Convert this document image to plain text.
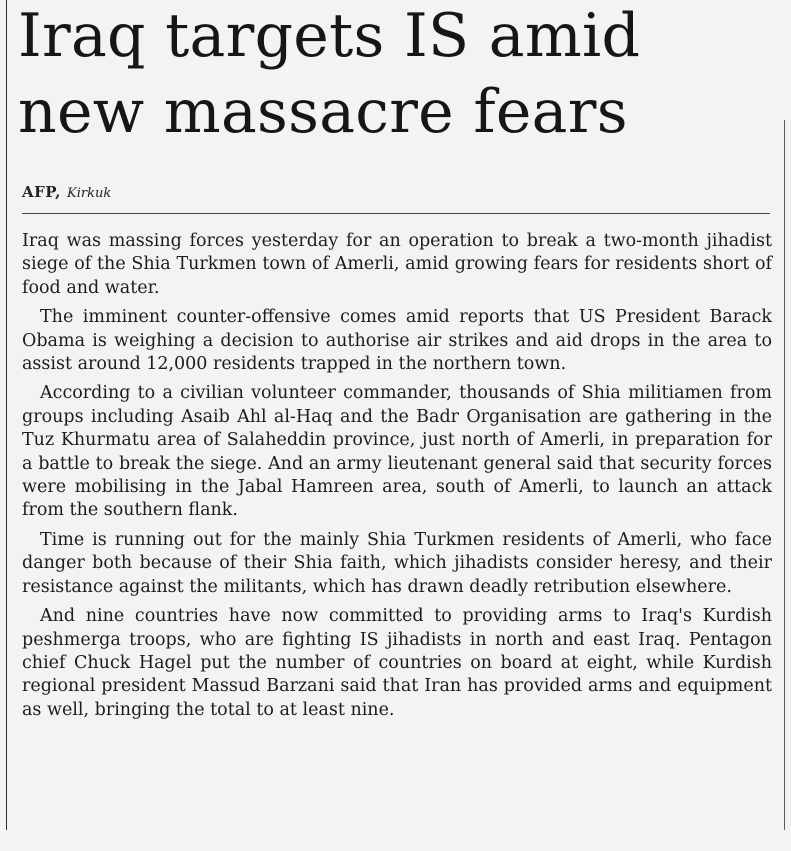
Iraq targets IS amid new massacre fears
AFP, Kirkuk

Iraq was massing forces yesterday for an operation to break a two-month jihadist siege of the Shia Turkmen town of Amerli, amid growing fears for residents short of food and water.

The imminent counter-offensive comes amid reports that US President Barack Obama is weighing a decision to authorise air strikes and aid drops in the area to assist around 12,000 residents trapped in the northern town.

According to a civilian volunteer commander, thousands of Shia militiamen from groups including Asaib Ahl al-Haq and the Badr Organisation are gathering in the Tuz Khurmatu area of Salaheddin province, just north of Amerli, in preparation for a battle to break the siege. And an army lieutenant general said that security forces were mobilising in the Jabal Hamreen area, south of Amerli, to launch an attack from the southern flank.

Time is running out for the mainly Shia Turkmen residents of Amerli, who face danger both because of their Shia faith, which jihadists consider heresy, and their resistance against the militants, which has drawn deadly retribution elsewhere.

And nine countries have now committed to providing arms to Iraq's Kurdish peshmerga troops, who are fighting IS jihadists in north and east Iraq. Pentagon chief Chuck Hagel put the number of countries on board at eight, while Kurdish regional president Massud Barzani said that Iran has provided arms and equipment as well, bringing the total to at least nine.
